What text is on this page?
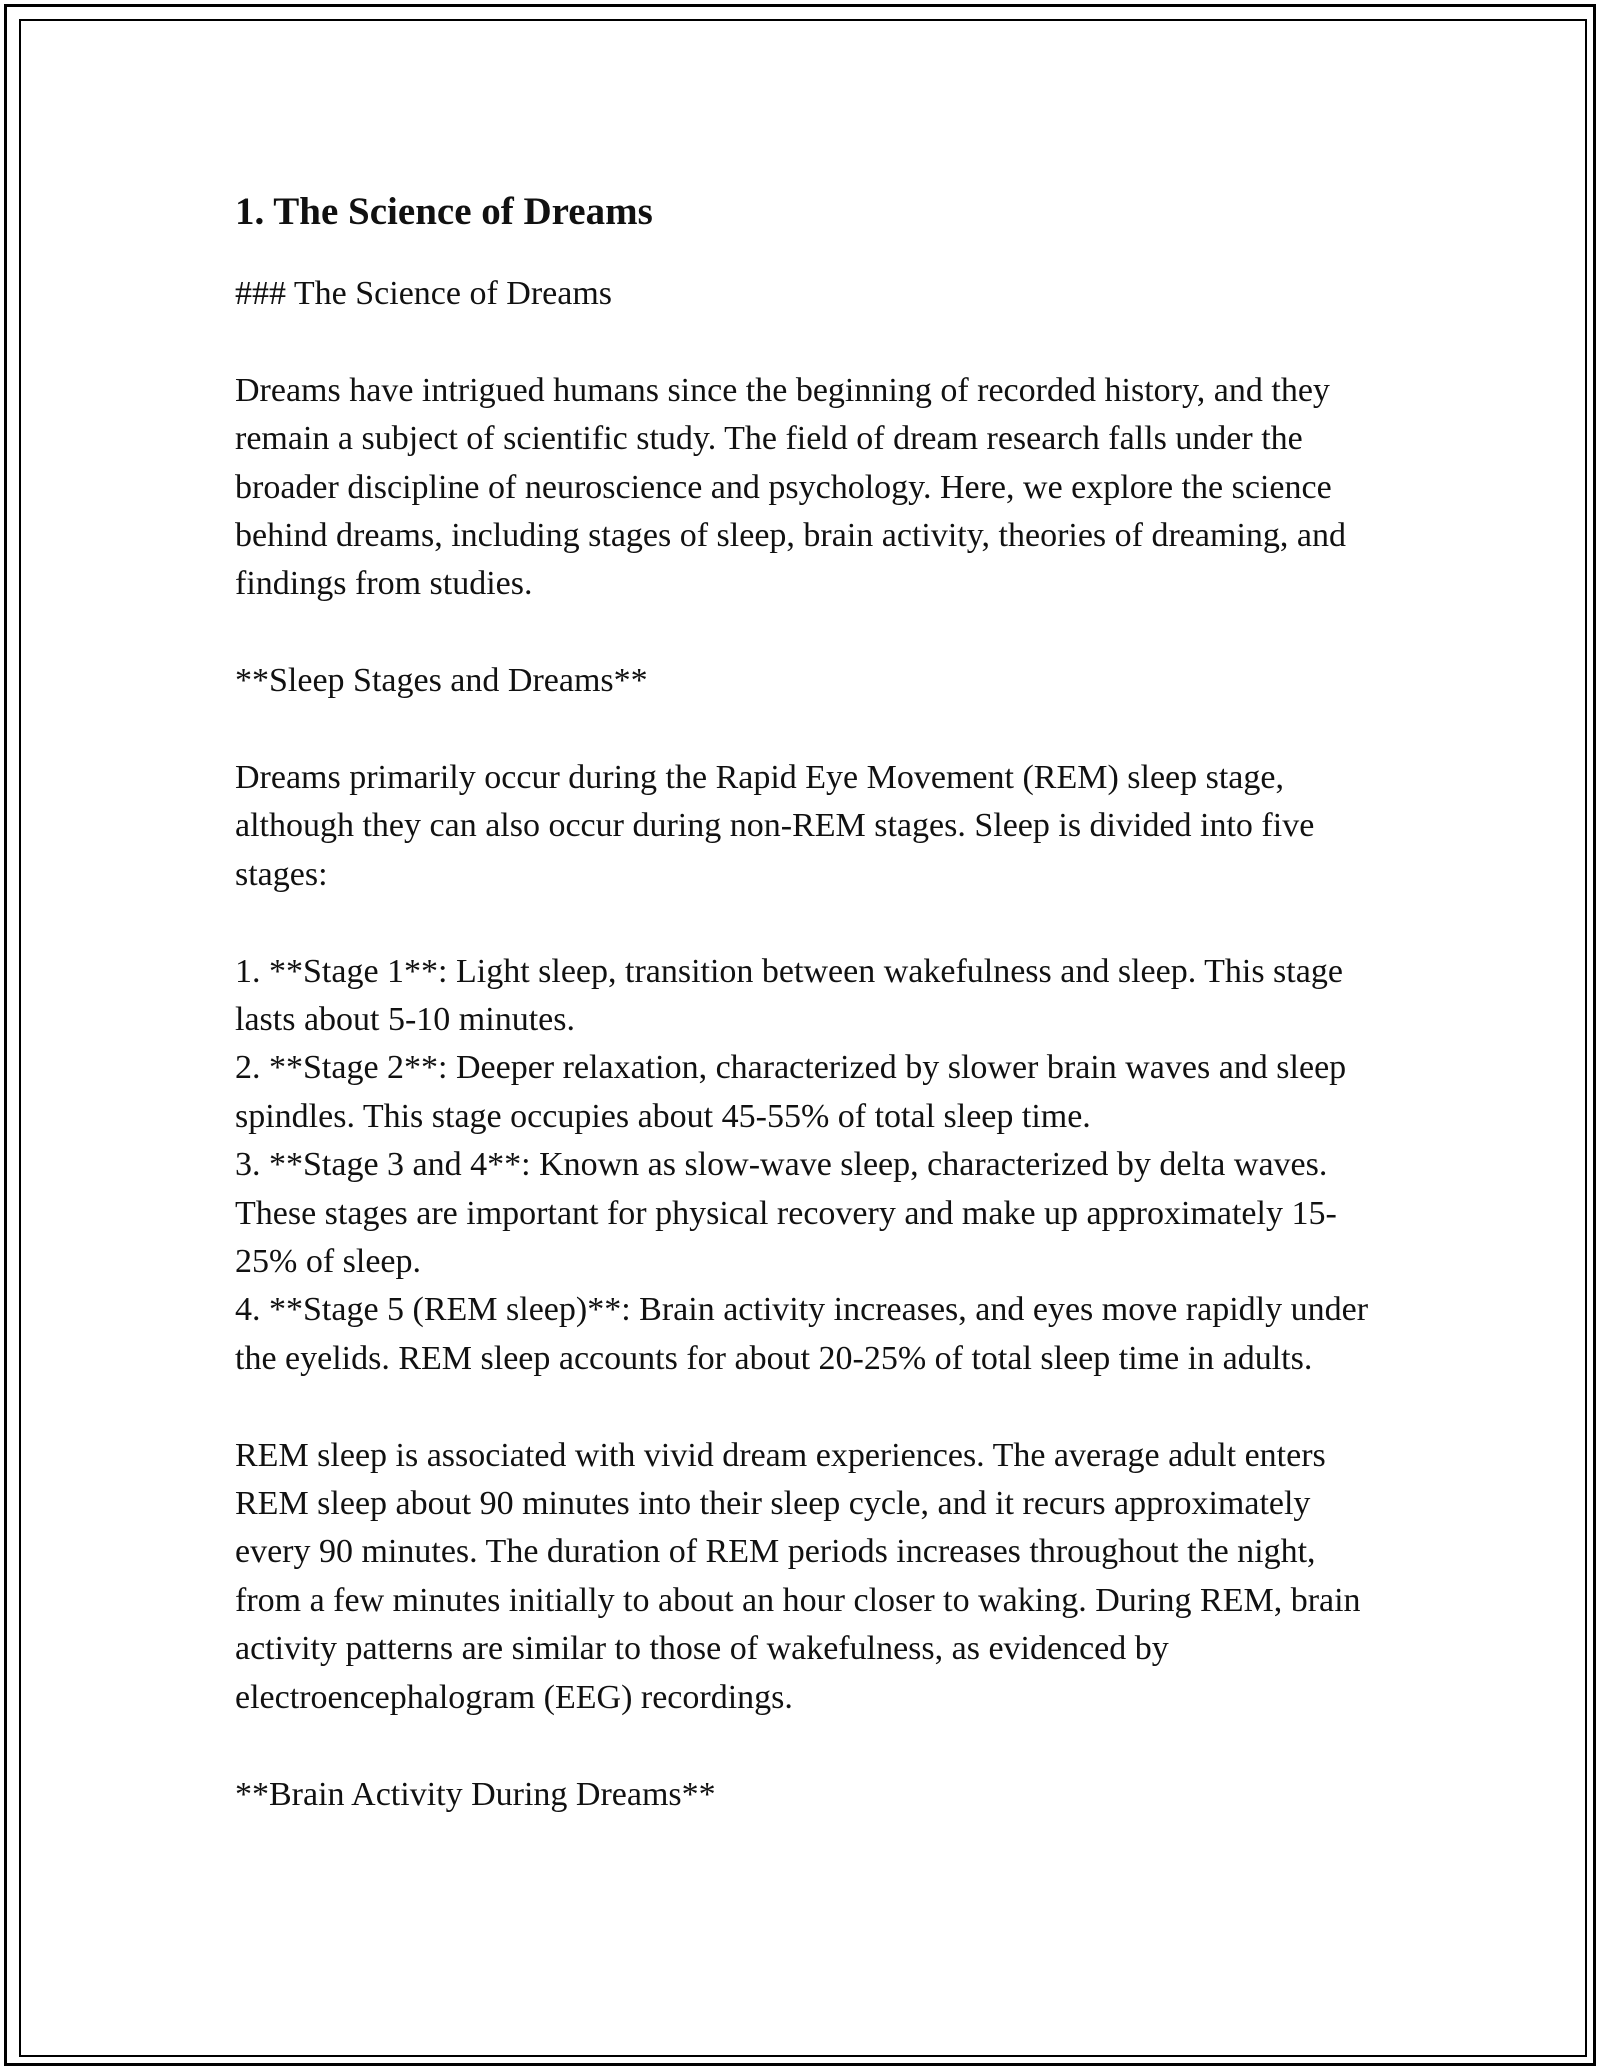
1. The Science of Dreams

### The Science of Dreams

Dreams have intrigued humans since the beginning of recorded history, and they remain a subject of scientific study. The field of dream research falls under the broader discipline of neuroscience and psychology. Here, we explore the science behind dreams, including stages of sleep, brain activity, theories of dreaming, and findings from studies.

**Sleep Stages and Dreams**

Dreams primarily occur during the Rapid Eye Movement (REM) sleep stage, although they can also occur during non-REM stages. Sleep is divided into five stages:

1. **Stage 1**: Light sleep, transition between wakefulness and sleep. This stage lasts about 5-10 minutes.
2. **Stage 2**: Deeper relaxation, characterized by slower brain waves and sleep spindles. This stage occupies about 45-55% of total sleep time.
3. **Stage 3 and 4**: Known as slow-wave sleep, characterized by delta waves. These stages are important for physical recovery and make up approximately 15-25% of sleep.
4. **Stage 5 (REM sleep)**: Brain activity increases, and eyes move rapidly under the eyelids. REM sleep accounts for about 20-25% of total sleep time in adults.

REM sleep is associated with vivid dream experiences. The average adult enters REM sleep about 90 minutes into their sleep cycle, and it recurs approximately every 90 minutes. The duration of REM periods increases throughout the night, from a few minutes initially to about an hour closer to waking. During REM, brain activity patterns are similar to those of wakefulness, as evidenced by electroencephalogram (EEG) recordings.

**Brain Activity During Dreams**
